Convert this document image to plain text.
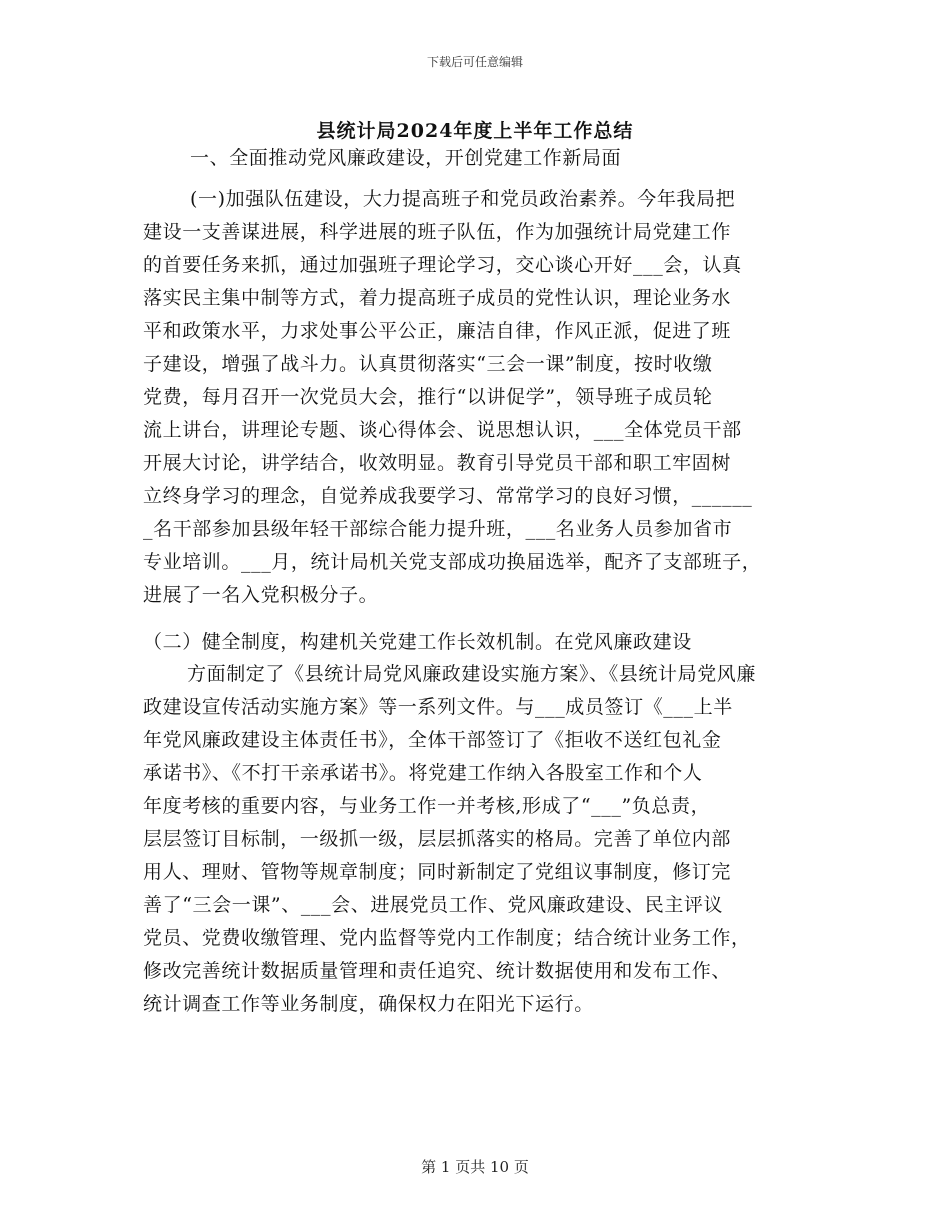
下载后可任意编辑
县统计局2024年度上半年工作总结
一、全面推动党风廉政建设，开创党建工作新局面
(一)加强队伍建设，大力提高班子和党员政治素养。今年我局把
建设一支善谋进展，科学进展的班子队伍，作为加强统计局党建工作
的首要任务来抓，通过加强班子理论学习，交心谈心开好___会，认真
落实民主集中制等方式，着力提高班子成员的党性认识，理论业务水
平和政策水平，力求处事公平公正，廉洁自律，作风正派，促进了班
子建设，增强了战斗力。认真贯彻落实“三会一课”制度，按时收缴
党费，每月召开一次党员大会，推行“以讲促学”，领导班子成员轮
流上讲台，讲理论专题、谈心得体会、说思想认识，___全体党员干部
开展大讨论，讲学结合，收效明显。教育引导党员干部和职工牢固树
立终身学习的理念，自觉养成我要学习、常常学习的良好习惯，______
_名干部参加县级年轻干部综合能力提升班，___名业务人员参加省市
专业培训。___月，统计局机关党支部成功换届选举，配齐了支部班子，
进展了一名入党积极分子。
（二）健全制度，构建机关党建工作长效机制。在党风廉政建设
方面制定了《县统计局党风廉政建设实施方案》、《县统计局党风廉
政建设宣传活动实施方案》等一系列文件。与___成员签订《___上半
年党风廉政建设主体责任书》，全体干部签订了《拒收不送红包礼金
承诺书》、《不打干亲承诺书》。将党建工作纳入各股室工作和个人
年度考核的重要内容，与业务工作一并考核,形成了“___”负总责，
层层签订目标制，一级抓一级，层层抓落实的格局。完善了单位内部
用人、理财、管物等规章制度；同时新制定了党组议事制度，修订完
善了“三会一课”、___会、进展党员工作、党风廉政建设、民主评议
党员、党费收缴管理、党内监督等党内工作制度；结合统计业务工作，
修改完善统计数据质量管理和责任追究、统计数据使用和发布工作、
统计调查工作等业务制度，确保权力在阳光下运行。
第 1 页共 10 页
